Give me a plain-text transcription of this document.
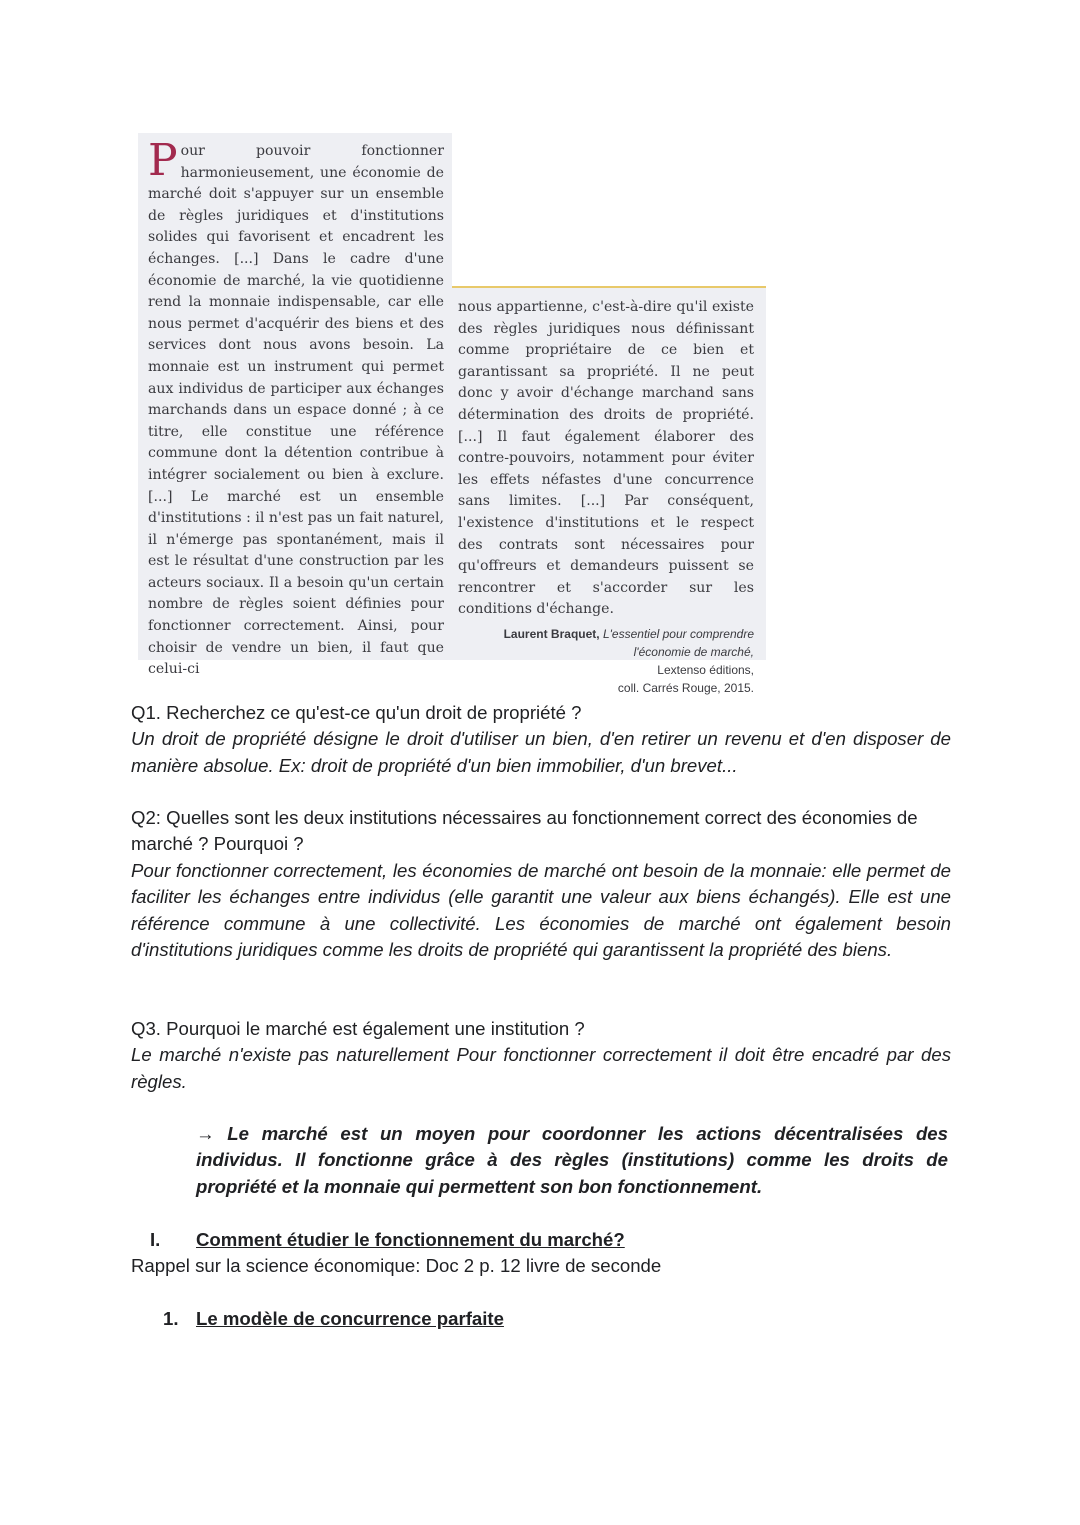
Pour pouvoir fonctionner harmonieusement, une économie de marché doit s'appuyer sur un ensemble de règles juridiques et d'institutions solides qui favorisent et encadrent les échanges. [...] Dans le cadre d'une économie de marché, la vie quotidienne rend la monnaie indispensable, car elle nous permet d'acquérir des biens et des services dont nous avons besoin. La monnaie est un instrument qui permet aux individus de participer aux échanges marchands dans un espace donné ; à ce titre, elle constitue une référence commune dont la détention contribue à intégrer socialement ou bien à exclure. [...] Le marché est un ensemble d'institutions : il n'est pas un fait naturel, il n'émerge pas spontanément, mais il est le résultat d'une construction par les acteurs sociaux. Il a besoin qu'un certain nombre de règles soient définies pour fonctionner correctement. Ainsi, pour choisir de vendre un bien, il faut que celui-ci

nous appartienne, c'est-à-dire qu'il existe des règles juridiques nous définissant comme propriétaire de ce bien et garantissant sa propriété. Il ne peut donc y avoir d'échange marchand sans détermination des droits de propriété. [...] Il faut également élaborer des contre-pouvoirs, notamment pour éviter les effets néfastes d'une concurrence sans limites. [...] Par conséquent, l'existence d'institutions et le respect des contrats sont nécessaires pour qu'offreurs et demandeurs puissent se rencontrer et s'accorder sur les conditions d'échange.

Laurent Braquet, L'essentiel pour comprendre l'économie de marché,
Lextenso éditions,
coll. Carrés Rouge, 2015.

Q1. Recherchez ce qu'est-ce qu'un droit de propriété ?

Un droit de propriété désigne le droit d'utiliser un bien, d'en retirer un revenu et d'en disposer de manière absolue. Ex: droit de propriété d'un bien immobilier, d'un brevet...

Q2: Quelles sont les deux institutions nécessaires au fonctionnement correct des économies de marché ? Pourquoi ?

Pour fonctionner correctement, les économies de marché ont besoin de la monnaie: elle permet de faciliter les échanges entre individus (elle garantit une valeur aux biens échangés). Elle est une référence commune à une collectivité. Les économies de marché ont également besoin d'institutions juridiques comme les droits de propriété qui garantissent la propriété des biens.

Q3. Pourquoi le marché est également une institution ?

Le marché n'existe pas naturellement Pour fonctionner correctement il doit être encadré par des règles.

→ Le marché est un moyen pour coordonner les actions décentralisées des individus. Il fonctionne grâce à des règles (institutions) comme les droits de propriété et la monnaie qui permettent son bon fonctionnement.

I. Comment étudier le fonctionnement du marché?

Rappel sur la science économique: Doc 2 p. 12 livre de seconde

1. Le modèle de concurrence parfaite
